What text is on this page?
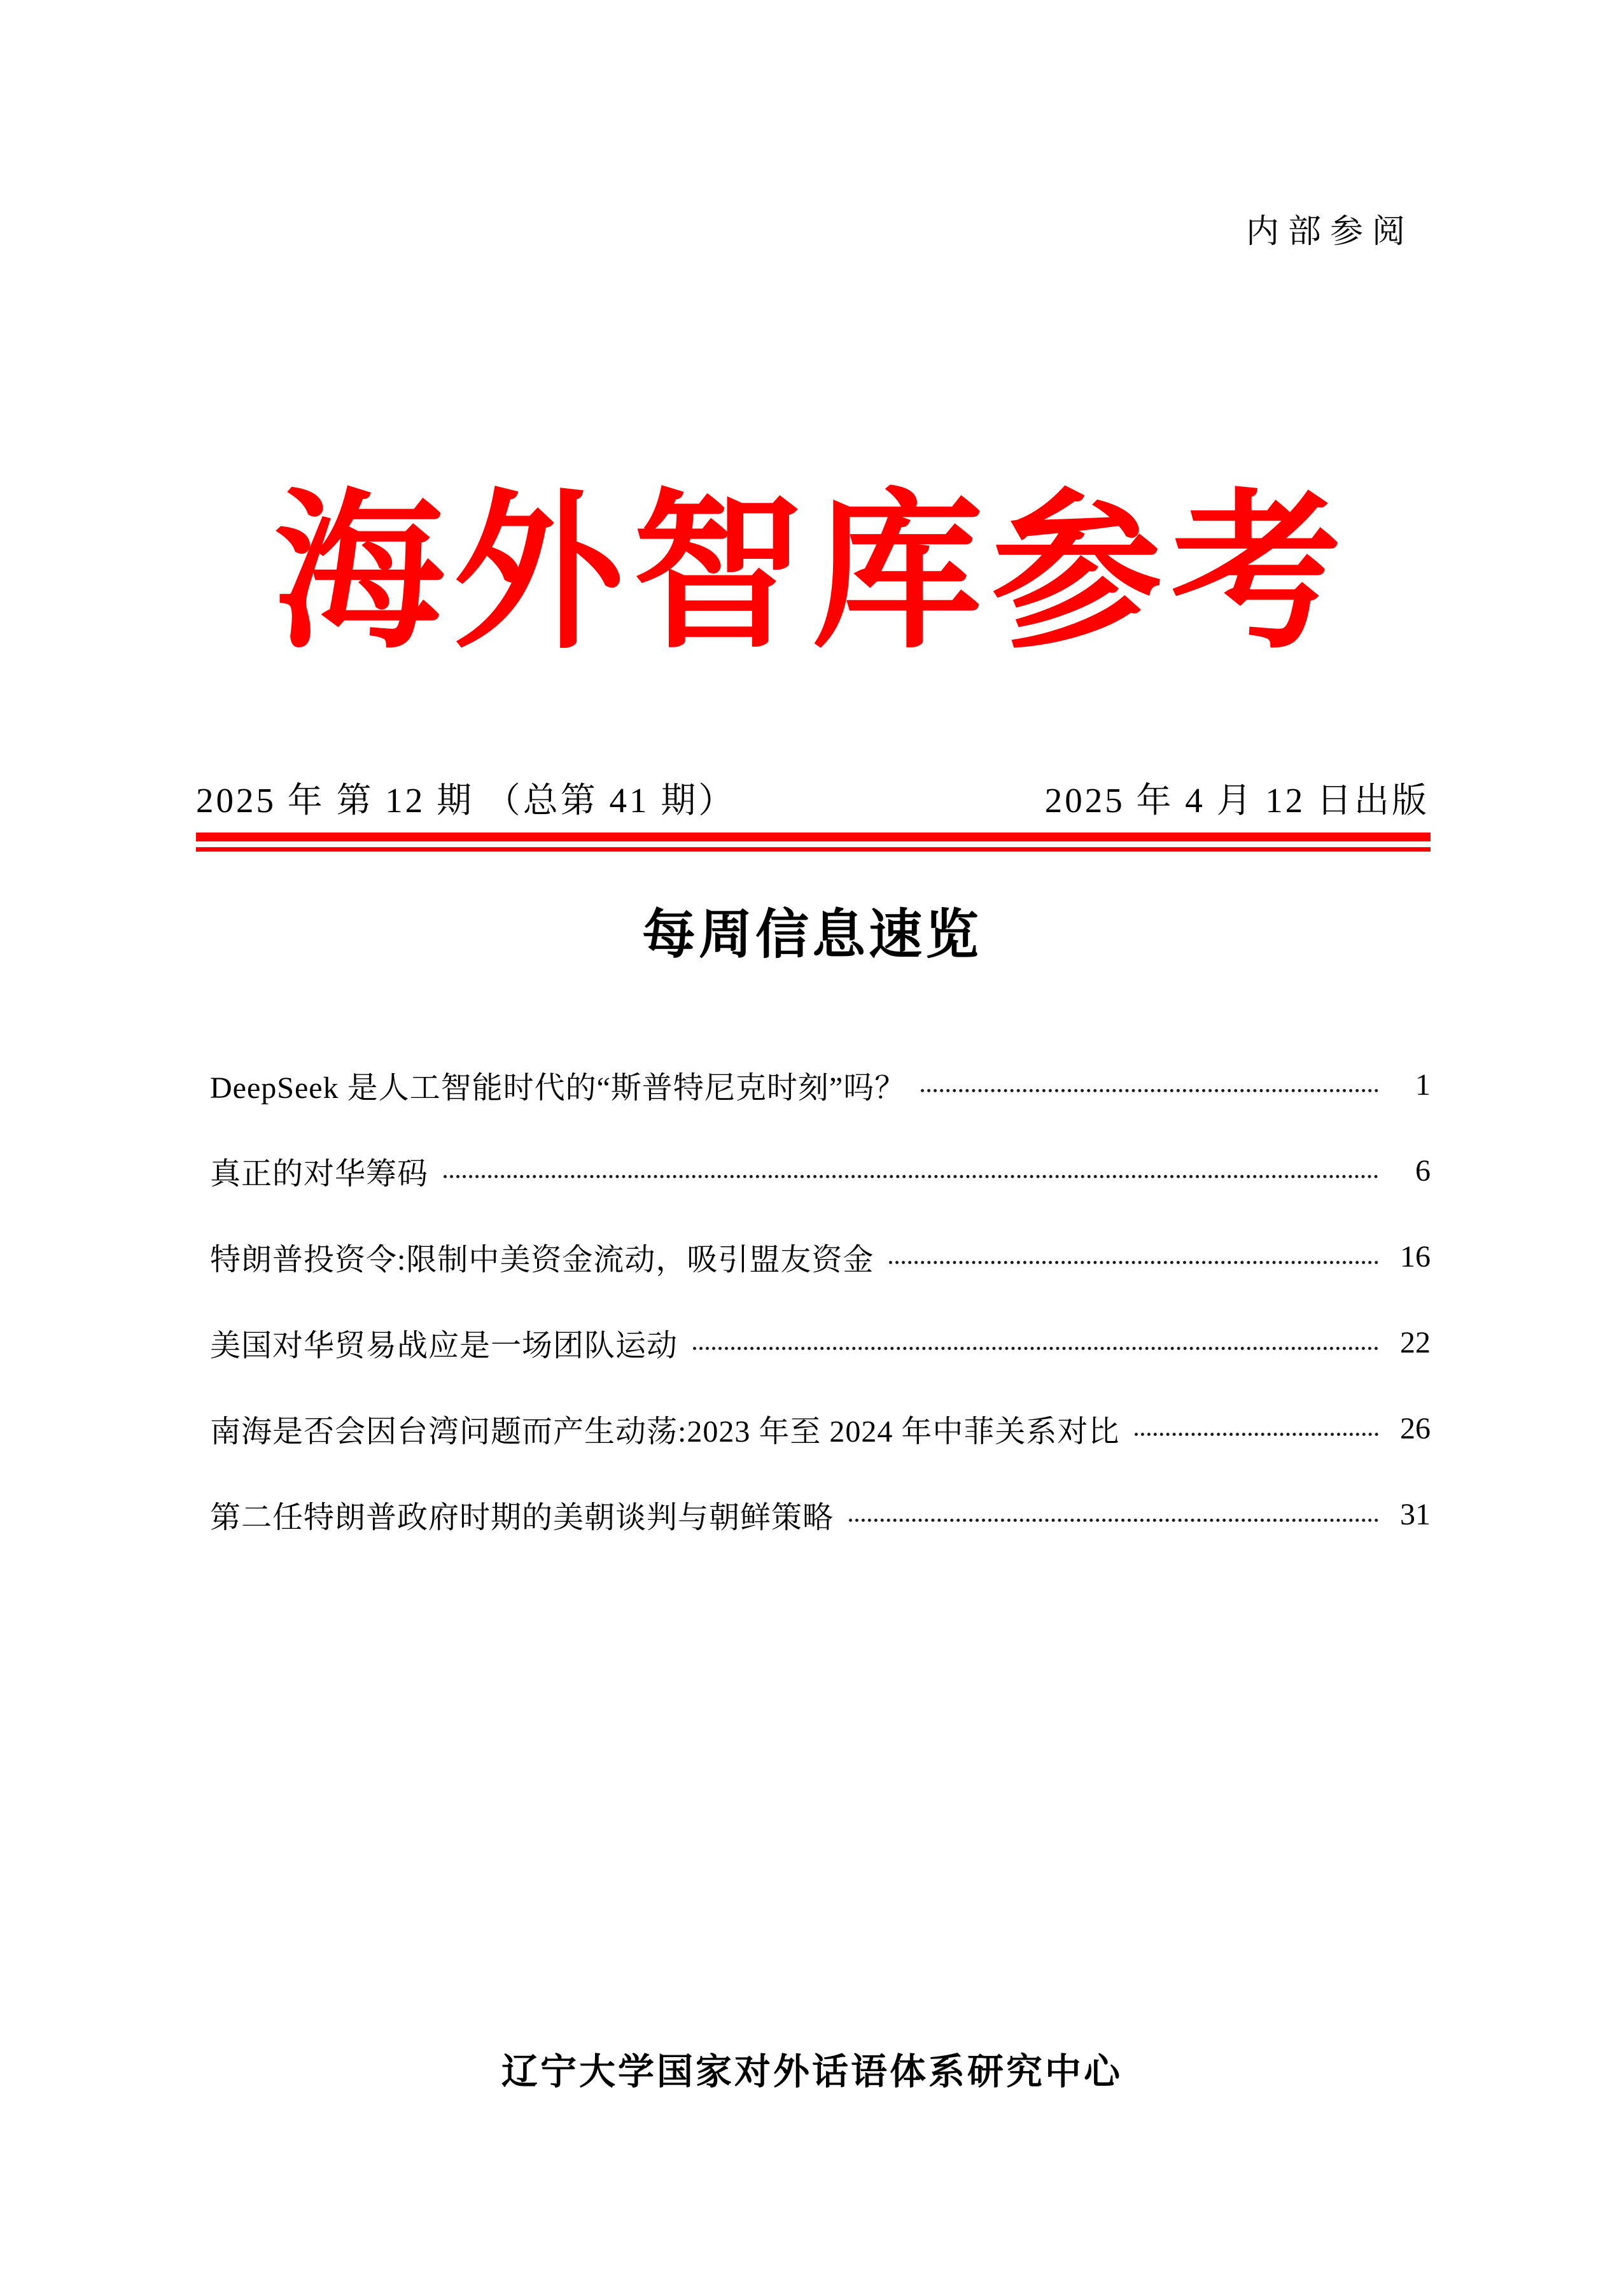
内部参阅
海外智库参考
2025 年 第 12 期 （总第 41 期）	2025 年 4 月 12 日出版
每周信息速览
DeepSeek 是人工智能时代的“斯普特尼克时刻”吗？	1
真正的对华筹码	6
特朗普投资令:限制中美资金流动，吸引盟友资金	16
美国对华贸易战应是一场团队运动	22
南海是否会因台湾问题而产生动荡:2023 年至 2024 年中菲关系对比	26
第二任特朗普政府时期的美朝谈判与朝鲜策略	31
辽宁大学国家对外话语体系研究中心
